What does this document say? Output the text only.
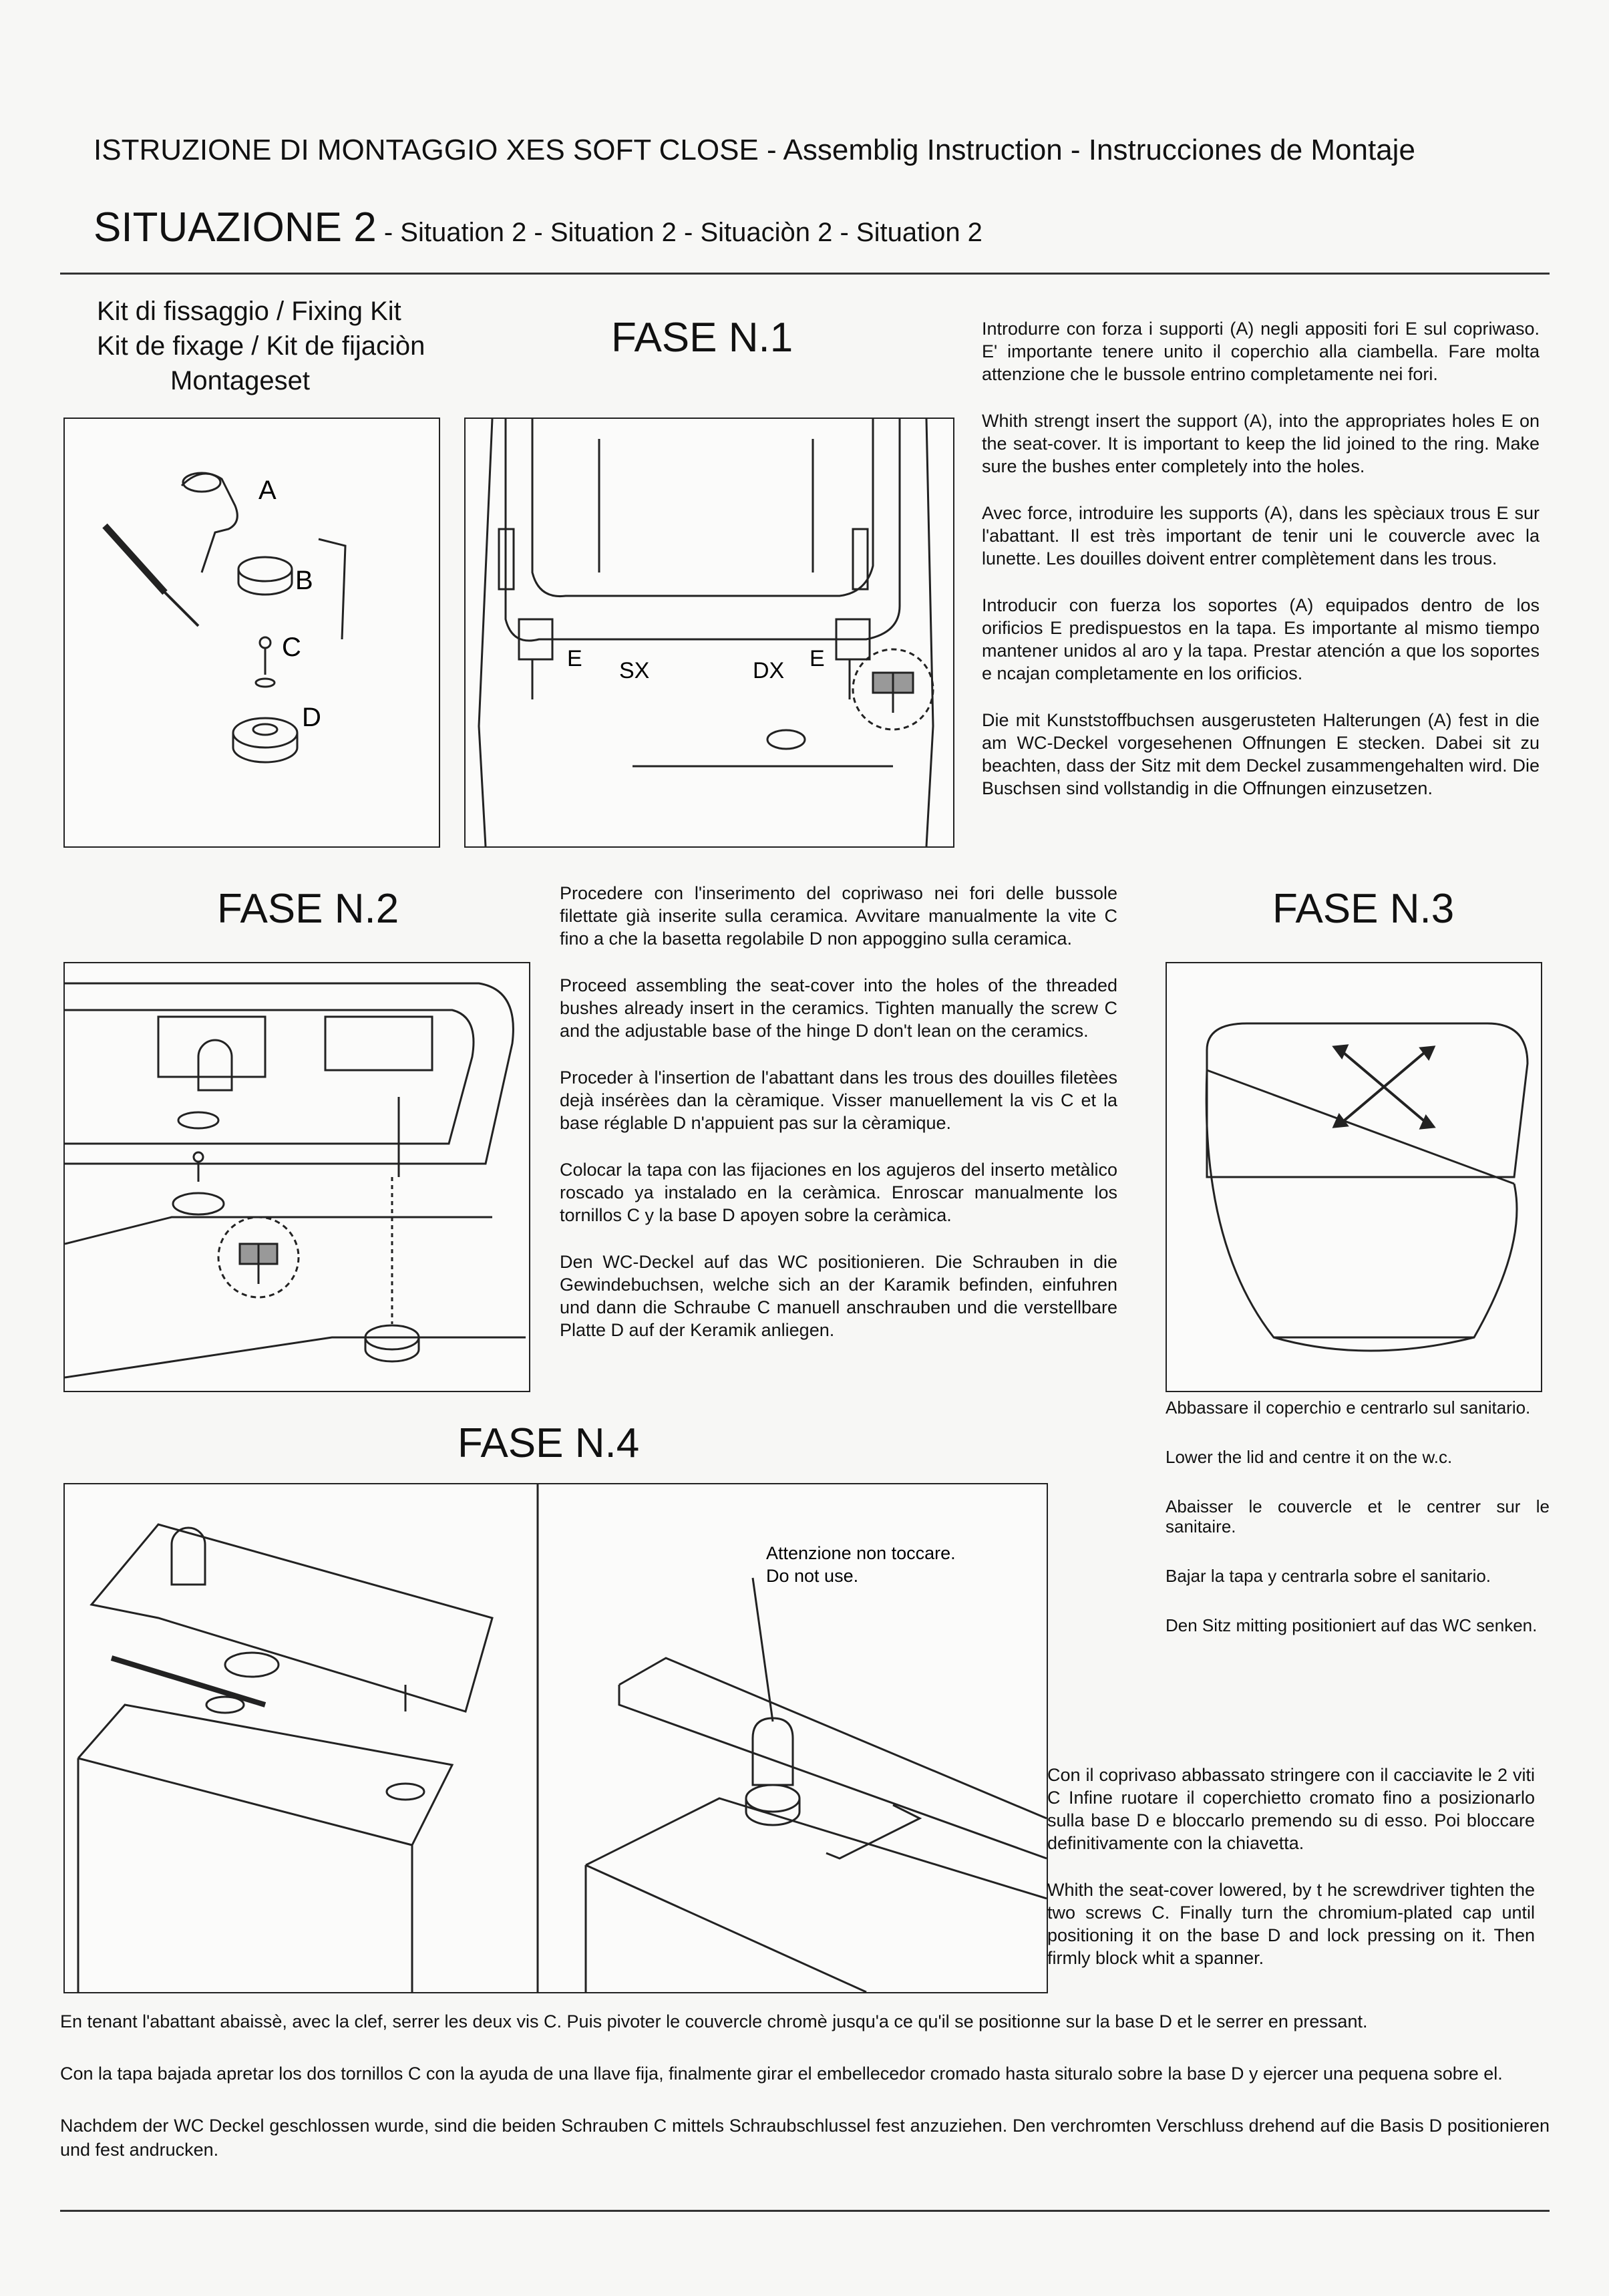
ISTRUZIONE DI MONTAGGIO XES SOFT CLOSE - Assemblig Instruction - Instrucciones de Montaje
SITUAZIONE 2 - Situation 2 - Situation 2 - Situaciòn 2 - Situation 2
Kit di fissaggio / Fixing Kit
Kit de fixage / Kit de fijaciòn
Montageset
FASE N.1
A
B
C
D
E SX	DX E

Introdurre con forza i supporti (A) negli appositi fori E sul copriwaso. E' importante tenere unito il coperchio alla ciambella. Fare molta attenzione che le bussole entrino completamente nei fori.

Whith strengt insert the support (A), into the appropriates holes E on the seat-cover. It is important to keep the lid joined to the ring. Make sure the bushes enter completely into the holes.

Avec force, introduire les supports (A), dans les spèciaux trous E sur l'abattant. Il est très important de tenir uni le couvercle avec la lunette. Les douilles doivent entrer complètement dans les trous.

Introducir con fuerza los soportes (A) equipados dentro de los orificios E predispuestos en la tapa. Es importante al mismo tiempo mantener unidos al aro y la tapa. Prestar atención a que los soportes e ncajan completamente en los orificios.

Die mit Kunststoffbuchsen ausgerusteten Halterungen (A) fest in die am WC-Deckel vorgesehenen Offnungen E stecken. Dabei sit zu beachten, dass der Sitz mit dem Deckel zusammengehalten wird. Die Buschsen sind vollstandig in die Offnungen einzusetzen.

FASE N.2	Procedere con l'inserimento del copriwaso nei fori delle bussole filettate già inserite sulla ceramica. Avvitare manualmente la vite C fino a che la basetta regolabile D non appoggino sulla ceramica.

Proceed assembling the seat-cover into the holes of the threaded bushes already insert in the ceramics. Tighten manually the screw C and the adjustable base of the hinge D don't lean on the ceramics.

Proceder à l'insertion de l'abattant dans les trous des douilles filetèes dejà insérèes dan la cèramique. Visser manuellement la vis C et la base réglable D n'appuient pas sur la cèramique.

Colocar la tapa con las fijaciones en los agujeros del inserto metàlico roscado ya instalado en la ceràmica. Enroscar manualmente los tornillos C y la base D apoyen sobre la ceràmica.

Den WC-Deckel auf das WC positionieren. Die Schrauben in die Gewindebuchsen, welche sich an der Karamik befinden, einfuhren und dann die Schraube C manuell anschrauben und die verstellbare Platte D auf der Keramik anliegen.

FASE N.3

Abbassare il coperchio e centrarlo sul sanitario.

Lower the lid and centre it on the w.c.

Abaisser le couvercle et le centrer sur le sanitaire.

Bajar la tapa y centrarla sobre el sanitario.

Den Sitz mitting positioniert auf das WC senken.

FASE N.4
Attenzione non toccare.
Do not use.

Con il coprivaso abbassato stringere con il cacciavite le 2 viti C Infine ruotare il coperchietto cromato fino a posizionarlo sulla base D e bloccarlo premendo su di esso. Poi bloccare definitivamente con la chiavetta.

Whith the seat-cover lowered, by t he screwdriver tighten the two screws C. Finally turn the chromium-plated cap until positioning it on the base D and lock pressing on it. Then firmly block whit a spanner.

En tenant l'abattant abaissè, avec la clef, serrer les deux vis C. Puis pivoter le couvercle chromè jusqu'a ce qu'il se positionne sur la base D et le serrer en pressant.

Con la tapa bajada apretar los dos tornillos C con la ayuda de una llave fija, finalmente girar el embellecedor cromado hasta situralo sobre la base D y ejercer una pequena sobre el.

Nachdem der WC Deckel geschlossen wurde, sind die beiden Schrauben C mittels Schraubschlussel fest anzuziehen. Den verchromten Verschluss drehend auf die Basis D positionieren und fest andrucken.
